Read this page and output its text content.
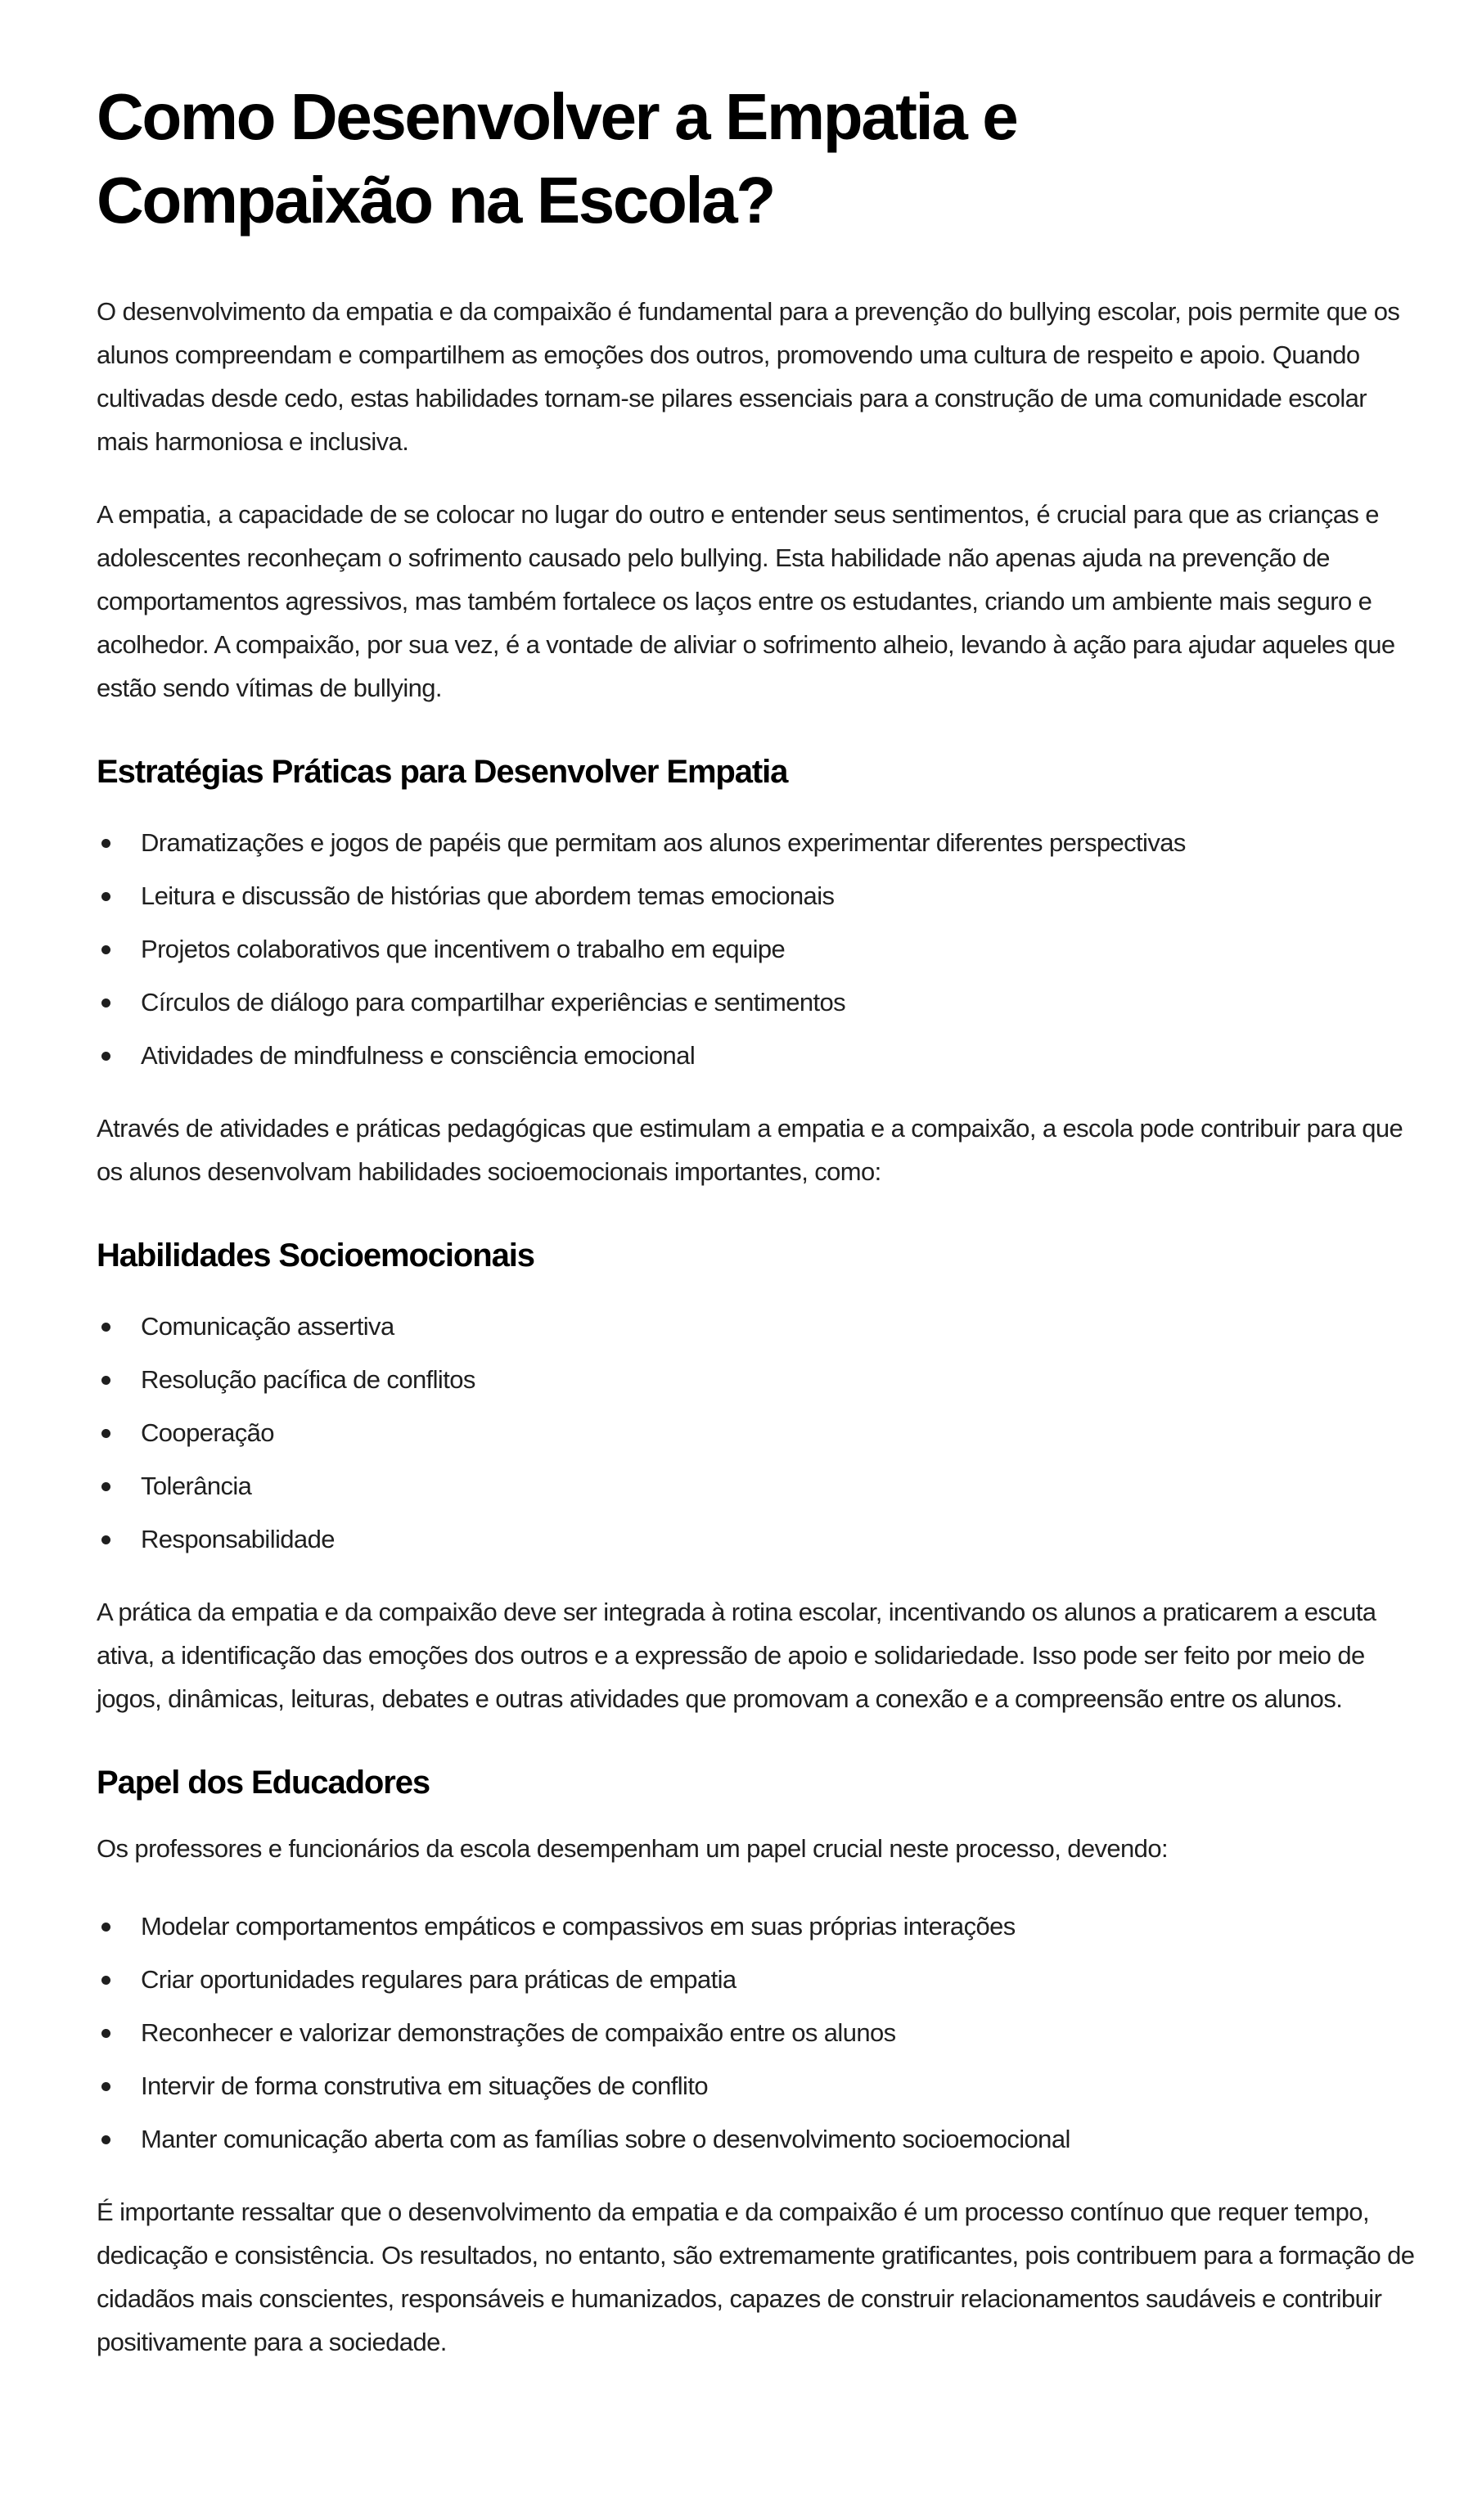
Como Desenvolver a Empatia e Compaixão na Escola?

O desenvolvimento da empatia e da compaixão é fundamental para a prevenção do bullying escolar, pois permite que os alunos compreendam e compartilhem as emoções dos outros, promovendo uma cultura de respeito e apoio. Quando cultivadas desde cedo, estas habilidades tornam-se pilares essenciais para a construção de uma comunidade escolar mais harmoniosa e inclusiva.

A empatia, a capacidade de se colocar no lugar do outro e entender seus sentimentos, é crucial para que as crianças e adolescentes reconheçam o sofrimento causado pelo bullying. Esta habilidade não apenas ajuda na prevenção de comportamentos agressivos, mas também fortalece os laços entre os estudantes, criando um ambiente mais seguro e acolhedor. A compaixão, por sua vez, é a vontade de aliviar o sofrimento alheio, levando à ação para ajudar aqueles que estão sendo vítimas de bullying.

Estratégias Práticas para Desenvolver Empatia
Dramatizações e jogos de papéis que permitam aos alunos experimentar diferentes perspectivas
Leitura e discussão de histórias que abordem temas emocionais
Projetos colaborativos que incentivem o trabalho em equipe
Círculos de diálogo para compartilhar experiências e sentimentos
Atividades de mindfulness e consciência emocional

Através de atividades e práticas pedagógicas que estimulam a empatia e a compaixão, a escola pode contribuir para que os alunos desenvolvam habilidades socioemocionais importantes, como:

Habilidades Socioemocionais
Comunicação assertiva
Resolução pacífica de conflitos
Cooperação
Tolerância
Responsabilidade

A prática da empatia e da compaixão deve ser integrada à rotina escolar, incentivando os alunos a praticarem a escuta ativa, a identificação das emoções dos outros e a expressão de apoio e solidariedade. Isso pode ser feito por meio de jogos, dinâmicas, leituras, debates e outras atividades que promovam a conexão e a compreensão entre os alunos.

Papel dos Educadores

Os professores e funcionários da escola desempenham um papel crucial neste processo, devendo:

Modelar comportamentos empáticos e compassivos em suas próprias interações
Criar oportunidades regulares para práticas de empatia
Reconhecer e valorizar demonstrações de compaixão entre os alunos
Intervir de forma construtiva em situações de conflito
Manter comunicação aberta com as famílias sobre o desenvolvimento socioemocional

É importante ressaltar que o desenvolvimento da empatia e da compaixão é um processo contínuo que requer tempo, dedicação e consistência. Os resultados, no entanto, são extremamente gratificantes, pois contribuem para a formação de cidadãos mais conscientes, responsáveis e humanizados, capazes de construir relacionamentos saudáveis e contribuir positivamente para a sociedade.
